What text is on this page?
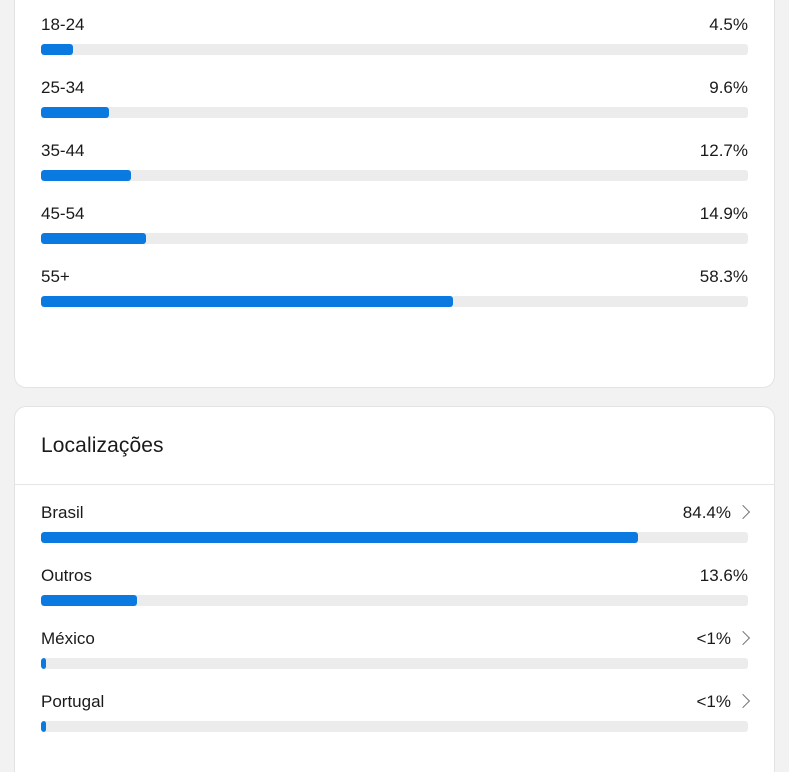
18-24	4.5%
25-34	9.6%
35-44	12.7%
45-54	14.9%
55+	58.3%
Localizações
Brasil	84.4%
Outros	13.6%
México	<1%
Portugal	<1%
